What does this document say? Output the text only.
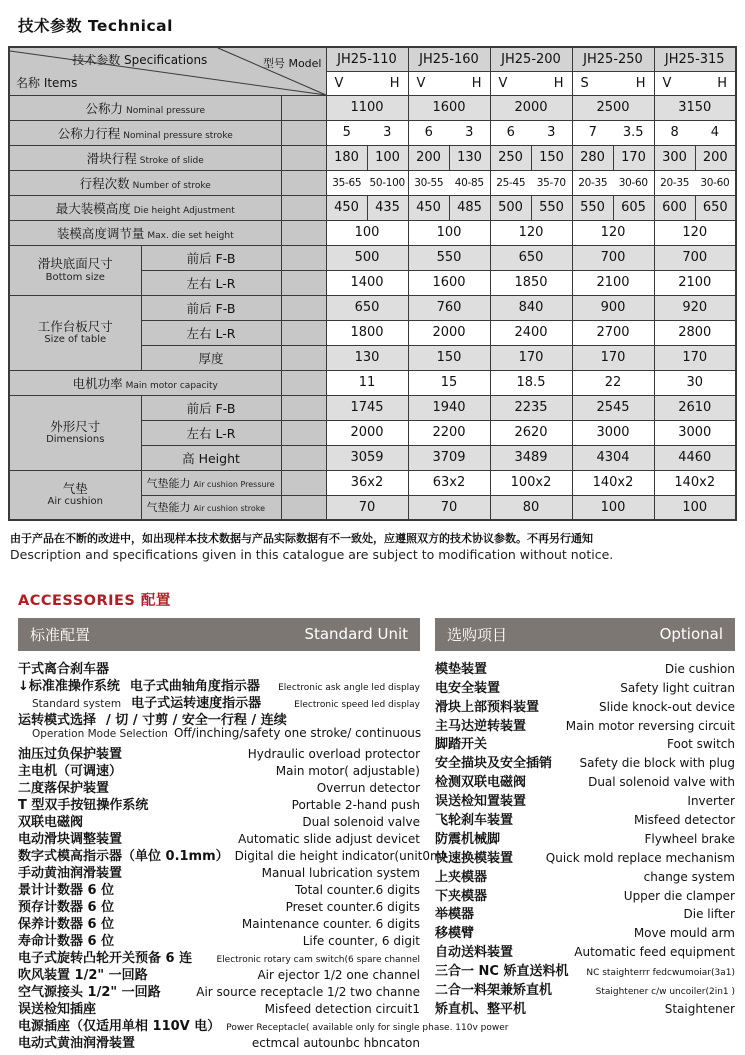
技术参数 Technical
技术参数 Specifications 型号 Model
名称 Items			JH25-110		JH25-160		JH25-200		JH25-250		JH25-315	

			V H		V H		V H		S H		V H	

公称力 Nominal pressure			1100		1600		2000		2500		3150	
公称力行程 Nominal pressure stroke			5 3		6 3		6 3		7 3.5		8 4	
滑块行程 Stroke of slide			180	100	200	130	250	150	280	170	300	200
行程次数 Number of stroke			35-65 50-100		30-55 40-85		25-45 35-70		20-35 30-60		20-35 30-60	
最大装模高度 Die height Adjustment			450	435	450	485	500	550	550	605	600	650
装模高度调节量 Max. die set height			100		100		120		120		120	

滑块底面尺寸
Bottom size	前后 F-B		500		550		650		700		700	
	左右 L-R		1400		1600		1850		2100		2100	

工作台板尺寸
Size of table	前后 F-B		650		760		840		900		920	
	左右 L-R		1800		2000		2400		2700		2800	
	厚度		130		150		170		170		170	
电机功率 Main motor capacity			11		15		18.5		22		30	

外形尺寸
Dimensions	前后 F-B		1745		1940		2235		2545		2610	
	左右 L-R		2000		2200		2620		3000		3000	
	高 Height		3059		3709		3489		4304		4460	

气垫
Air cushion	气垫能力 Air cushion Pressure		36x2		63x2		100x2		140x2		140x2	
	气垫能力 Air cushion stroke		70		70		80		100		100	
由于产品在不断的改进中，如出现样本技术数据与产品实际数据有不一致处，应遵照双方的技术协议参数。不再另行通知
Description and specifications given in this catalogue are subject to modification without notice.
ACCESSORIES 配置
标准配置	Standard Unit
干式离合刹车器
↓标准准操作系统 电子式曲轴角度指示器	Electronic ask angle led display
Standard system 电子式运转速度指示器	Electronic speed led display
运转模式选择 / 切 / 寸剪 / 安全一行程 / 连续
Operation Mode Selection Off/inching/safety one stroke/ continuous
油压过负保护装置	Hydraulic overload protector
主电机（可调速）	Main motor( adjustable)
二度落保护装置	Overrun detector
T 型双手按钮操作系统	Portable 2-hand push
双联电磁阀	Dual solenoid valve
电动滑块调整装置	Automatic slide adjust devicet
数字式模高指示器（单位 0.1mm） Digital die height indicator(unit0m)
手动黄油润滑装置	Manual lubrication system
景计计数器 6 位	Total counter.6 digits
预存计数器 6 位	Preset counter.6 digits
保养计数器 6 位	Maintenance counter. 6 digits
寿命计数器 6 位	Life counter, 6 digit
电子式旋转凸轮开关预备 6 连	Electronic rotary cam switch(6 spare channel
吹风装置 1/2" 一回路	Air ejector 1/2 one channel
空气源接头 1/2" 一回路	Air source receptacle 1/2 two channe
误送检知插座	Misfeed detection circuit1
电源插座（仅适用单相 110V 电） Power Receptacle( available only for single phase. 110v power
电动式黄油润滑装置	ectmcal autounbc hbncaton
选购项目	Optional
模垫装置	Die cushion
电安全装置	Safety light cuitran
滑块上部预料装置	Slide knock-out device
主马达逆转装置	Main motor reversing circuit
脚踏开关	Foot switch
安全描块及安全插销	Safety die block with plug
检测双联电磁阀	Dual solenoid valve with
误送检知置装置	Inverter
飞轮刹车装置	Misfeed detector
防震机械脚	Flywheel brake
快速换模装置	Quick mold replace mechanism
上夹模器	change system
下夹模器	Upper die clamper
举模器	Die lifter
移模臂	Move mould arm
自动送料装置	Automatic feed equipment
三合一 NC 矫直送料机	NC staighterrr fedcwumoiar(3a1)
二合一料架兼矫直机	Staightener c/w uncoiler(2in1 )
矫直机、整平机	Staightener
